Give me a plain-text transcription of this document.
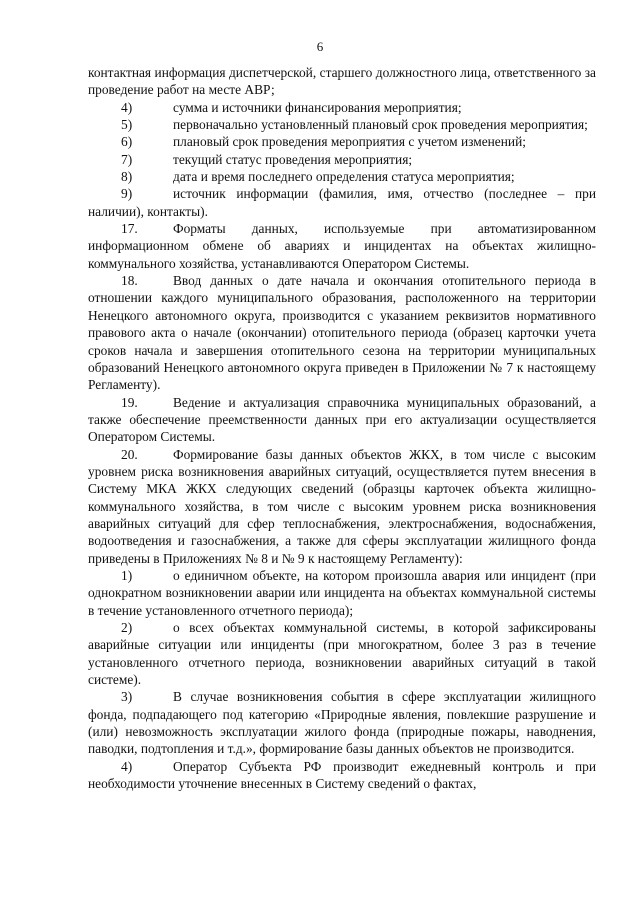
6

контактная информация диспетчерской, старшего должностного лица, ответственного за проведение работ на месте АВР;

4)	сумма и источники финансирования мероприятия;

5)	первоначально установленный плановый срок проведения мероприятия;

6)	плановый срок проведения мероприятия с учетом изменений;

7)	текущий статус проведения мероприятия;

8)	дата и время последнего определения статуса мероприятия;

9)	источник информации (фамилия, имя, отчество (последнее – при наличии), контакты).

17.	Форматы данных, используемые при автоматизированном информационном обмене об авариях и инцидентах на объектах жилищно-коммунального хозяйства, устанавливаются Оператором Системы.

18.	Ввод данных о дате начала и окончания отопительного периода в отношении каждого муниципального образования, расположенного на территории Ненецкого автономного округа, производится с указанием реквизитов нормативного правового акта о начале (окончании) отопительного периода (образец карточки учета сроков начала и завершения отопительного сезона на территории муниципальных образований Ненецкого автономного округа приведен в Приложении № 7 к настоящему Регламенту).

19.	Ведение и актуализация справочника муниципальных образований, а также обеспечение преемственности данных при его актуализации осуществляется Оператором Системы.

20.	Формирование базы данных объектов ЖКХ, в том числе с высоким уровнем риска возникновения аварийных ситуаций, осуществляется путем внесения в Систему МКА ЖКХ следующих сведений (образцы карточек объекта жилищно-коммунального хозяйства, в том числе с высоким уровнем риска возникновения аварийных ситуаций для сфер теплоснабжения, электроснабжения, водоснабжения, водоотведения и газоснабжения, а также для сферы эксплуатации жилищного фонда приведены в Приложениях № 8 и № 9 к настоящему Регламенту):

1)	о единичном объекте, на котором произошла авария или инцидент (при однократном возникновении аварии или инцидента на объектах коммунальной системы в течение установленного отчетного периода);

2)	о всех объектах коммунальной системы, в которой зафиксированы аварийные ситуации или инциденты (при многократном, более 3 раз в течение установленного отчетного периода, возникновении аварийных ситуаций в такой системе).

3)	В случае возникновения события в сфере эксплуатации жилищного фонда, подпадающего под категорию «Природные явления, повлекшие разрушение и (или) невозможность эксплуатации жилого фонда (природные пожары, наводнения, паводки, подтопления и т.д.», формирование базы данных объектов не производится.

4)	Оператор Субъекта РФ производит ежедневный контроль и при необходимости уточнение внесенных в Систему сведений о фактах,
